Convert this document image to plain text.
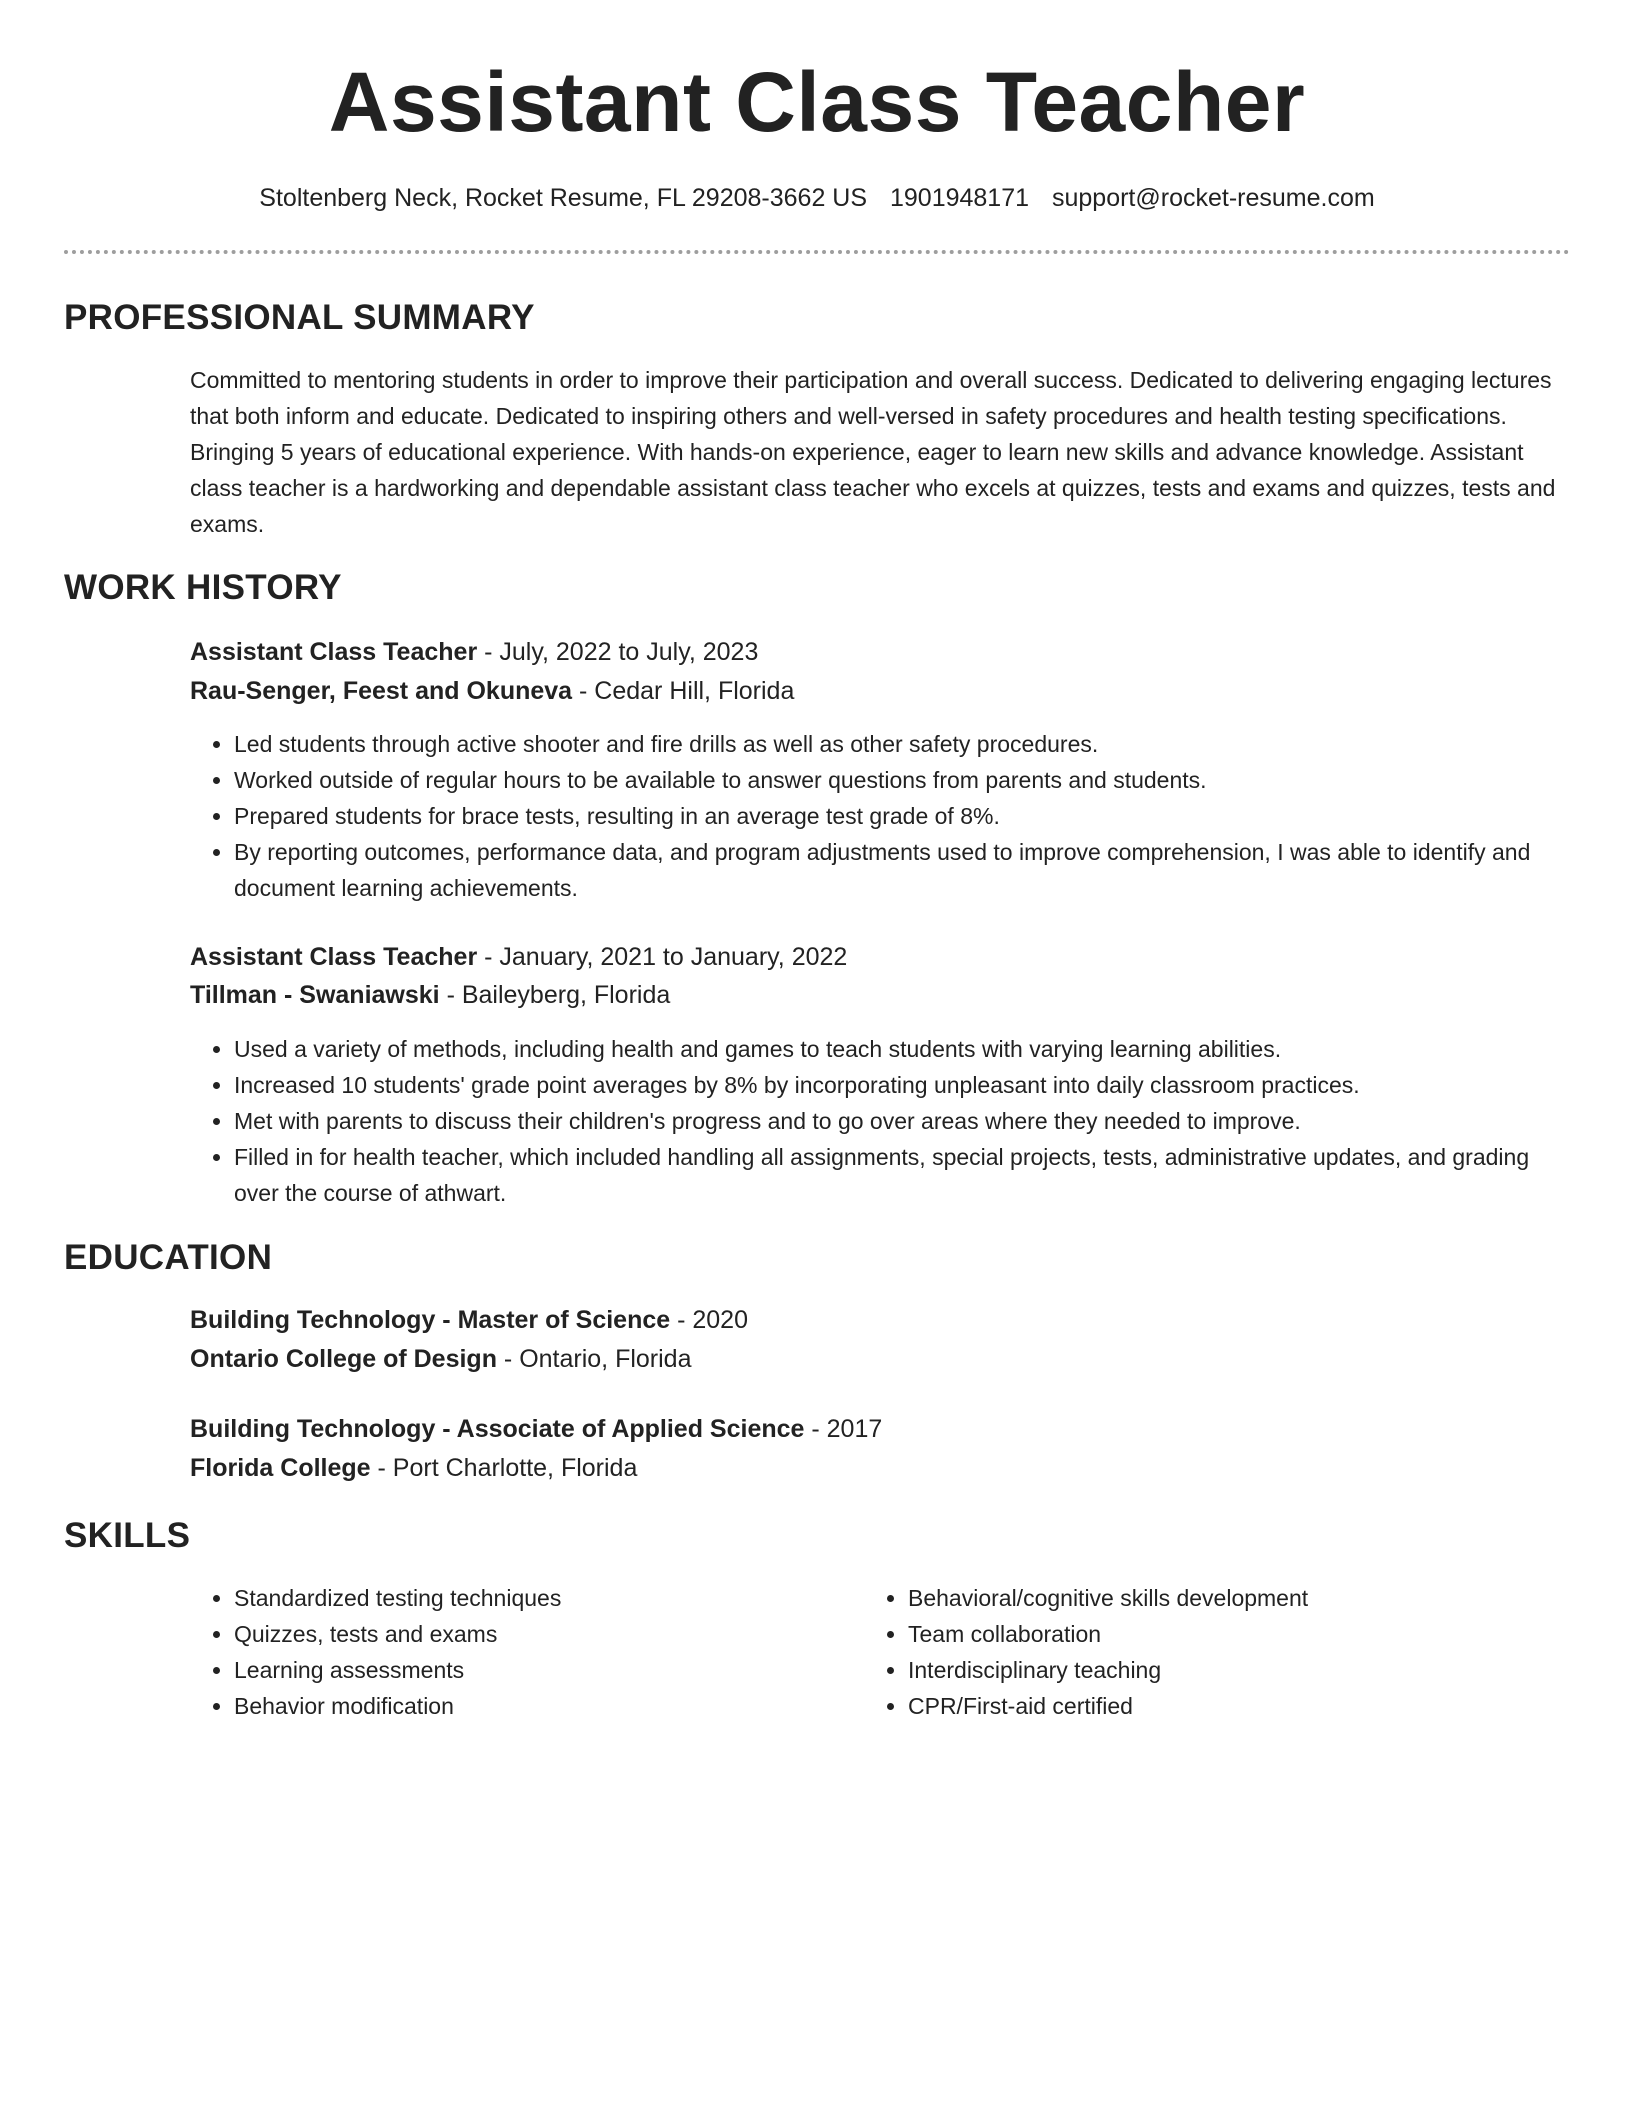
Assistant Class Teacher
Stoltenberg Neck, Rocket Resume, FL 29208-3662 US 1901948171 support@rocket-resume.com
PROFESSIONAL SUMMARY
Committed to mentoring students in order to improve their participation and overall success. Dedicated to delivering engaging lectures that both inform and educate. Dedicated to inspiring others and well-versed in safety procedures and health testing specifications. Bringing 5 years of educational experience. With hands-on experience, eager to learn new skills and advance knowledge. Assistant class teacher is a hardworking and dependable assistant class teacher who excels at quizzes, tests and exams and quizzes, tests and exams.
WORK HISTORY
Assistant Class Teacher - July, 2022 to July, 2023
Rau-Senger, Feest and Okuneva - Cedar Hill, Florida
• Led students through active shooter and fire drills as well as other safety procedures.
• Worked outside of regular hours to be available to answer questions from parents and students.
• Prepared students for brace tests, resulting in an average test grade of 8%.
• By reporting outcomes, performance data, and program adjustments used to improve comprehension, I was able to identify and document learning achievements.
Assistant Class Teacher - January, 2021 to January, 2022
Tillman - Swaniawski - Baileyberg, Florida
• Used a variety of methods, including health and games to teach students with varying learning abilities.
• Increased 10 students' grade point averages by 8% by incorporating unpleasant into daily classroom practices.
• Met with parents to discuss their children's progress and to go over areas where they needed to improve.
• Filled in for health teacher, which included handling all assignments, special projects, tests, administrative updates, and grading over the course of athwart.
EDUCATION
Building Technology - Master of Science - 2020
Ontario College of Design - Ontario, Florida
Building Technology - Associate of Applied Science - 2017
Florida College - Port Charlotte, Florida
SKILLS
• Standardized testing techniques
• Quizzes, tests and exams
• Learning assessments
• Behavior modification
• Behavioral/cognitive skills development
• Team collaboration
• Interdisciplinary teaching
• CPR/First-aid certified
